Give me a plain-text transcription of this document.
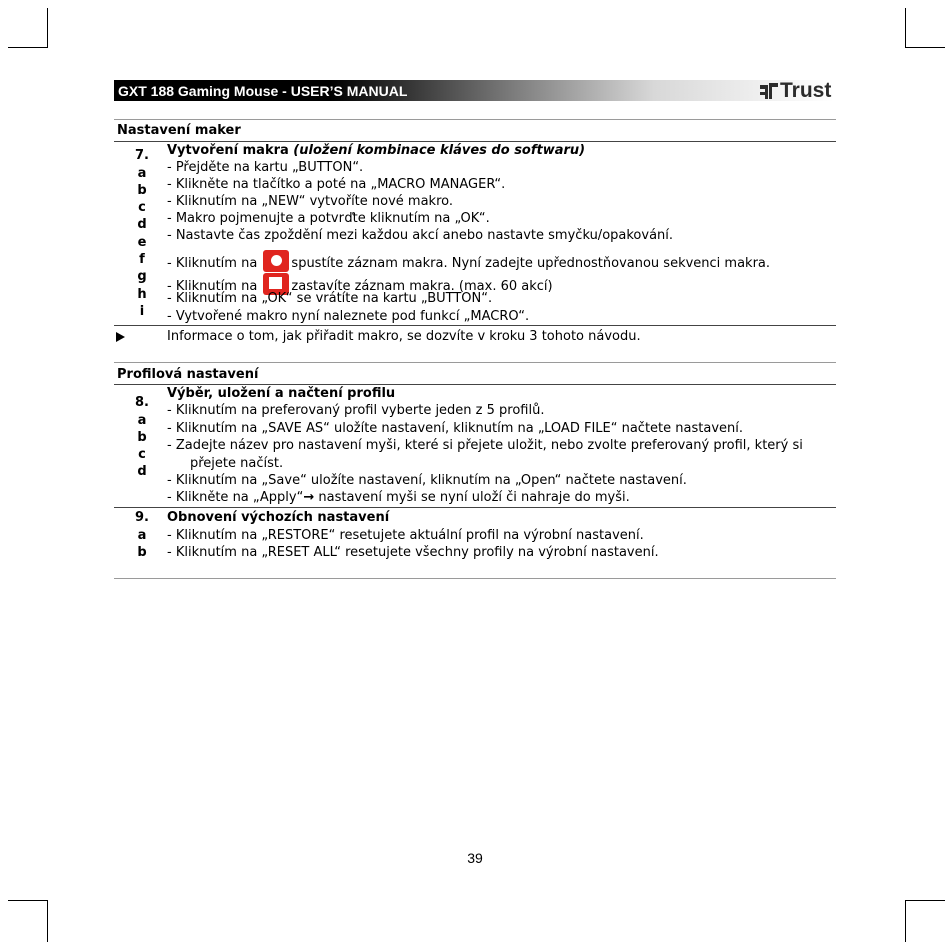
GXT 188 Gaming Mouse - USER’S MANUAL	Trust
Nastavení maker
7. Vytvoření makra (uložení kombinace kláves do softwaru)
a
b
c
d
e
f
g
h
i
- Přejděte na kartu „BUTTON“.
- Klikněte na tlačítko a poté na „MACRO MANAGER“.
- Kliknutím na „NEW“ vytvoříte nové makro.
- Makro pojmenujte a potvrďte kliknutím na „OK“.
- Nastavte čas zpoždění mezi každou akcí anebo nastavte smyčku/opakování.
- Kliknutím na spustíte záznam makra. Nyní zadejte upřednostňovanou sekvenci makra.
- Kliknutím na zastavíte záznam makra. (max. 60 akcí)
- Kliknutím na „OK“ se vrátíte na kartu „BUTTON“.
- Vytvořené makro nyní naleznete pod funkcí „MACRO“.
Informace o tom, jak přiřadit makro, se dozvíte v kroku 3 tohoto návodu.
Profilová nastavení
8.
Výběr, uložení a načtení profilu
a
b
c
d
- Kliknutím na preferovaný profil vyberte jeden z 5 profilů.
- Kliknutím na „SAVE AS“ uložíte nastavení, kliknutím na „LOAD FILE“ načtete nastavení.
- Zadejte název pro nastavení myši, které si přejete uložit, nebo zvolte preferovaný profil, který si
přejete načíst.
- Kliknutím na „Save“ uložíte nastavení, kliknutím na „Open“ načtete nastavení.
- Klikněte na „Apply“→ nastavení myši se nyní uloží či nahraje do myši.
9. Obnovení výchozích nastavení
a
b
- Kliknutím na „RESTORE“ resetujete aktuální profil na výrobní nastavení.
- Kliknutím na „RESET ALL“ resetujete všechny profily na výrobní nastavení.
39
